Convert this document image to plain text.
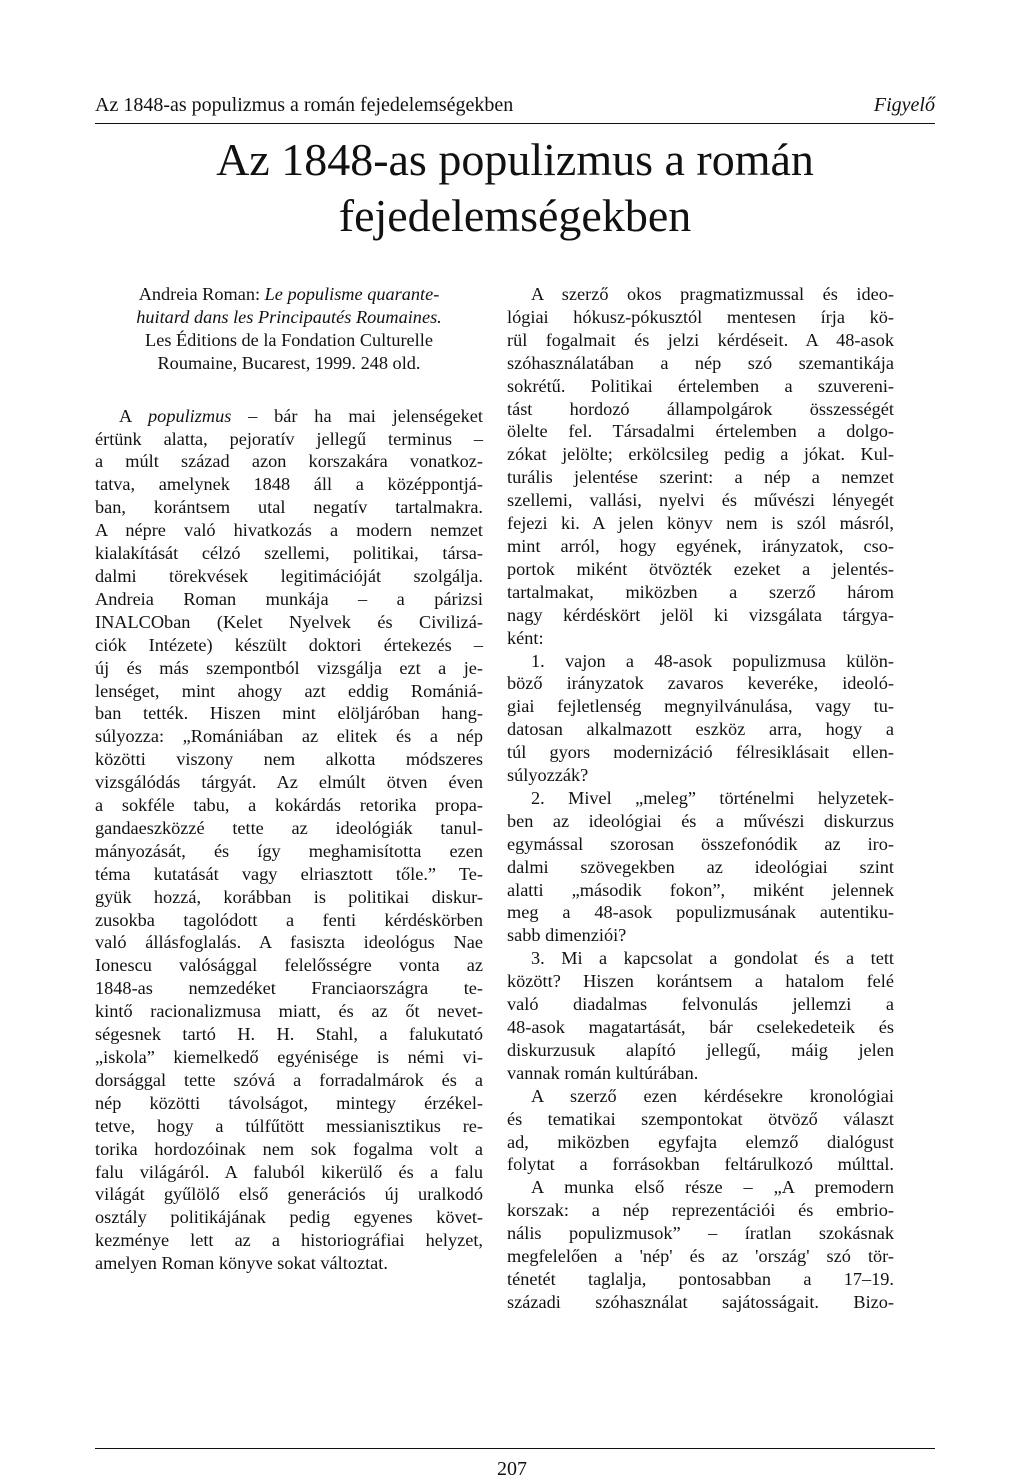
Az 1848-as populizmus a román fejedelemségekben	Figyelő
Az 1848-as populizmus a román
fejedelemségekben
Andreia Roman: Le populisme quarante-
huitard dans les Principautés Roumaines.
Les Éditions de la Fondation Culturelle
Roumaine, Bucarest, 1999. 248 old.
A populizmus – bár ha mai jelenségeket
értünk alatta, pejoratív jellegű terminus –
a múlt század azon korszakára vonatkoz-
tatva, amelynek 1848 áll a középpontjá-
ban, korántsem utal negatív tartalmakra.
A népre való hivatkozás a modern nemzet
kialakítását célzó szellemi, politikai, társa-
dalmi törekvések legitimációját szolgálja.
Andreia Roman munkája – a párizsi
INALCOban (Kelet Nyelvek és Civilizá-
ciók Intézete) készült doktori értekezés –
új és más szempontból vizsgálja ezt a je-
lenséget, mint ahogy azt eddig Romániá-
ban tették. Hiszen mint elöljáróban hang-
súlyozza: „Romániában az elitek és a nép
közötti viszony nem alkotta módszeres
vizsgálódás tárgyát. Az elmúlt ötven éven
a sokféle tabu, a kokárdás retorika propa-
gandaeszközzé tette az ideológiák tanul-
mányozását, és így meghamisította ezen
téma kutatását vagy elriasztott tőle.” Te-
gyük hozzá, korábban is politikai diskur-
zusokba tagolódott a fenti kérdéskörben
való állásfoglalás. A fasiszta ideológus Nae
Ionescu valósággal felelősségre vonta az
1848-as nemzedéket Franciaországra te-
kintő racionalizmusa miatt, és az őt nevet-
ségesnek tartó H. H. Stahl, a falukutató
„iskola” kiemelkedő egyénisége is némi vi-
dorsággal tette szóvá a forradalmárok és a
nép közötti távolságot, mintegy érzékel-
tetve, hogy a túlfűtött messianisztikus re-
torika hordozóinak nem sok fogalma volt a
falu világáról. A faluból kikerülő és a falu
világát gyűlölő első generációs új uralkodó
osztály politikájának pedig egyenes követ-
kezménye lett az a historiográfiai helyzet,
amelyen Roman könyve sokat változtat.
A szerző okos pragmatizmussal és ideo-
lógiai hókusz-pókusztól mentesen írja kö-
rül fogalmait és jelzi kérdéseit. A 48-asok
szóhasználatában a nép szó szemantikája
sokrétű. Politikai értelemben a szuvereni-
tást hordozó állampolgárok összességét
ölelte fel. Társadalmi értelemben a dolgo-
zókat jelölte; erkölcsileg pedig a jókat. Kul-
turális jelentése szerint: a nép a nemzet
szellemi, vallási, nyelvi és művészi lényegét
fejezi ki. A jelen könyv nem is szól másról,
mint arról, hogy egyének, irányzatok, cso-
portok miként ötvözték ezeket a jelentés-
tartalmakat, miközben a szerző három
nagy kérdéskört jelöl ki vizsgálata tárgya-
ként:
1. vajon a 48-asok populizmusa külön-
böző irányzatok zavaros keveréke, ideoló-
giai fejletlenség megnyilvánulása, vagy tu-
datosan alkalmazott eszköz arra, hogy a
túl gyors modernizáció félresiklásait ellen-
súlyozzák?
2. Mivel „meleg” történelmi helyzetek-
ben az ideológiai és a művészi diskurzus
egymással szorosan összefonódik az iro-
dalmi szövegekben az ideológiai szint
alatti „második fokon”, miként jelennek
meg a 48-asok populizmusának autentiku-
sabb dimenziói?
3. Mi a kapcsolat a gondolat és a tett
között? Hiszen korántsem a hatalom felé
való diadalmas felvonulás jellemzi a
48-asok magatartását, bár cselekedeteik és
diskurzusuk alapító jellegű, máig jelen
vannak román kultúrában.
A szerző ezen kérdésekre kronológiai
és tematikai szempontokat ötvöző választ
ad, miközben egyfajta elemző dialógust
folytat a forrásokban feltárulkozó múlttal.
A munka első része – „A premodern
korszak: a nép reprezentációi és embrio-
nális populizmusok” – íratlan szokásnak
megfelelően a 'nép' és az 'ország' szó tör-
ténetét taglalja, pontosabban a 17–19.
századi szóhasználat sajátosságait. Bizo-
207
